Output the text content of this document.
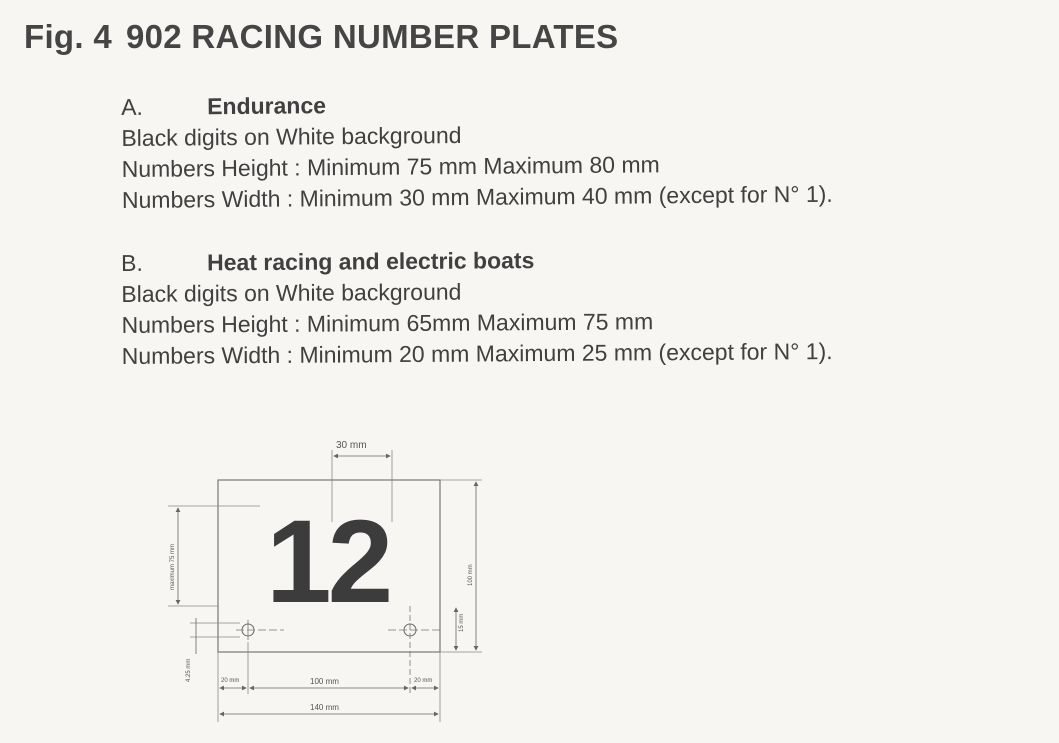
Fig. 4 902 RACING NUMBER PLATES
A.	Endurance
Black digits on White background
Numbers Height : Minimum 75 mm Maximum 80 mm
Numbers Width : Minimum 30 mm Maximum 40 mm (except for N° 1).
B.	Heat racing and electric boats
Black digits on White background
Numbers Height : Minimum 65mm Maximum 75 mm
Numbers Width : Minimum 20 mm Maximum 25 mm (except for N° 1).
12
30 mm
maximum 75 mm	100 mm
15 mm
4.25 mm	20 mm	100 mm	20 mm
140 mm
